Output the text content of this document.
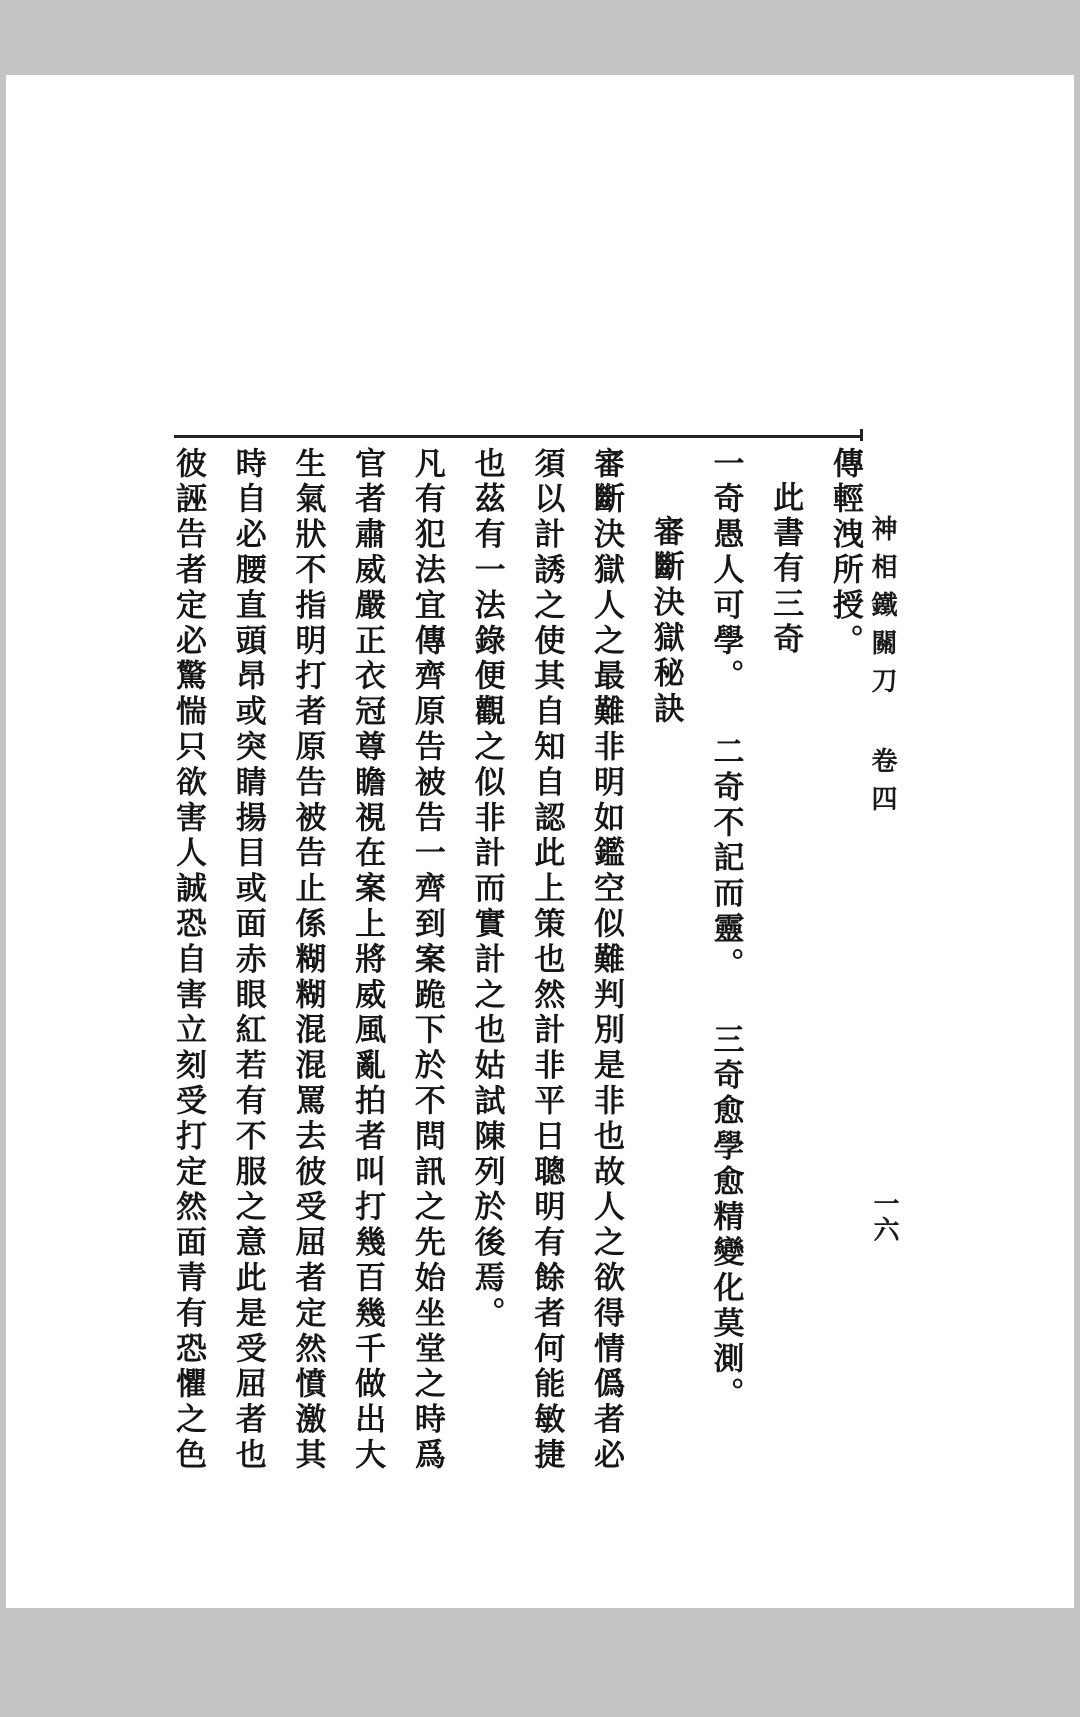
神相鐵關刀 卷四
一六
傳輕洩所授。
此書有三奇
一奇愚人可學。 二奇不記而靈。 三奇愈學愈精變化莫測。
審斷決獄秘訣
審斷決獄人之最難非明如鑑空似難判別是非也故人之欲得情僞者必
須以計誘之使其自知自認此上策也然計非平日聰明有餘者何能敏捷
也茲有一法錄便觀之似非計而實計之也姑試陳列於後焉。
凡有犯法宜傳齊原告被告一齊到案跪下於不問訊之先始坐堂之時爲
官者肅威嚴正衣冠尊瞻視在案上將威風亂拍者叫打幾百幾千做出大
生氣狀不指明打者原告被告止係糊糊混混罵去彼受屈者定然憤激其
時自必腰直頭昂或突睛揚目或面赤眼紅若有不服之意此是受屈者也
彼誣告者定必驚惴只欲害人誠恐自害立刻受打定然面青有恐懼之色
